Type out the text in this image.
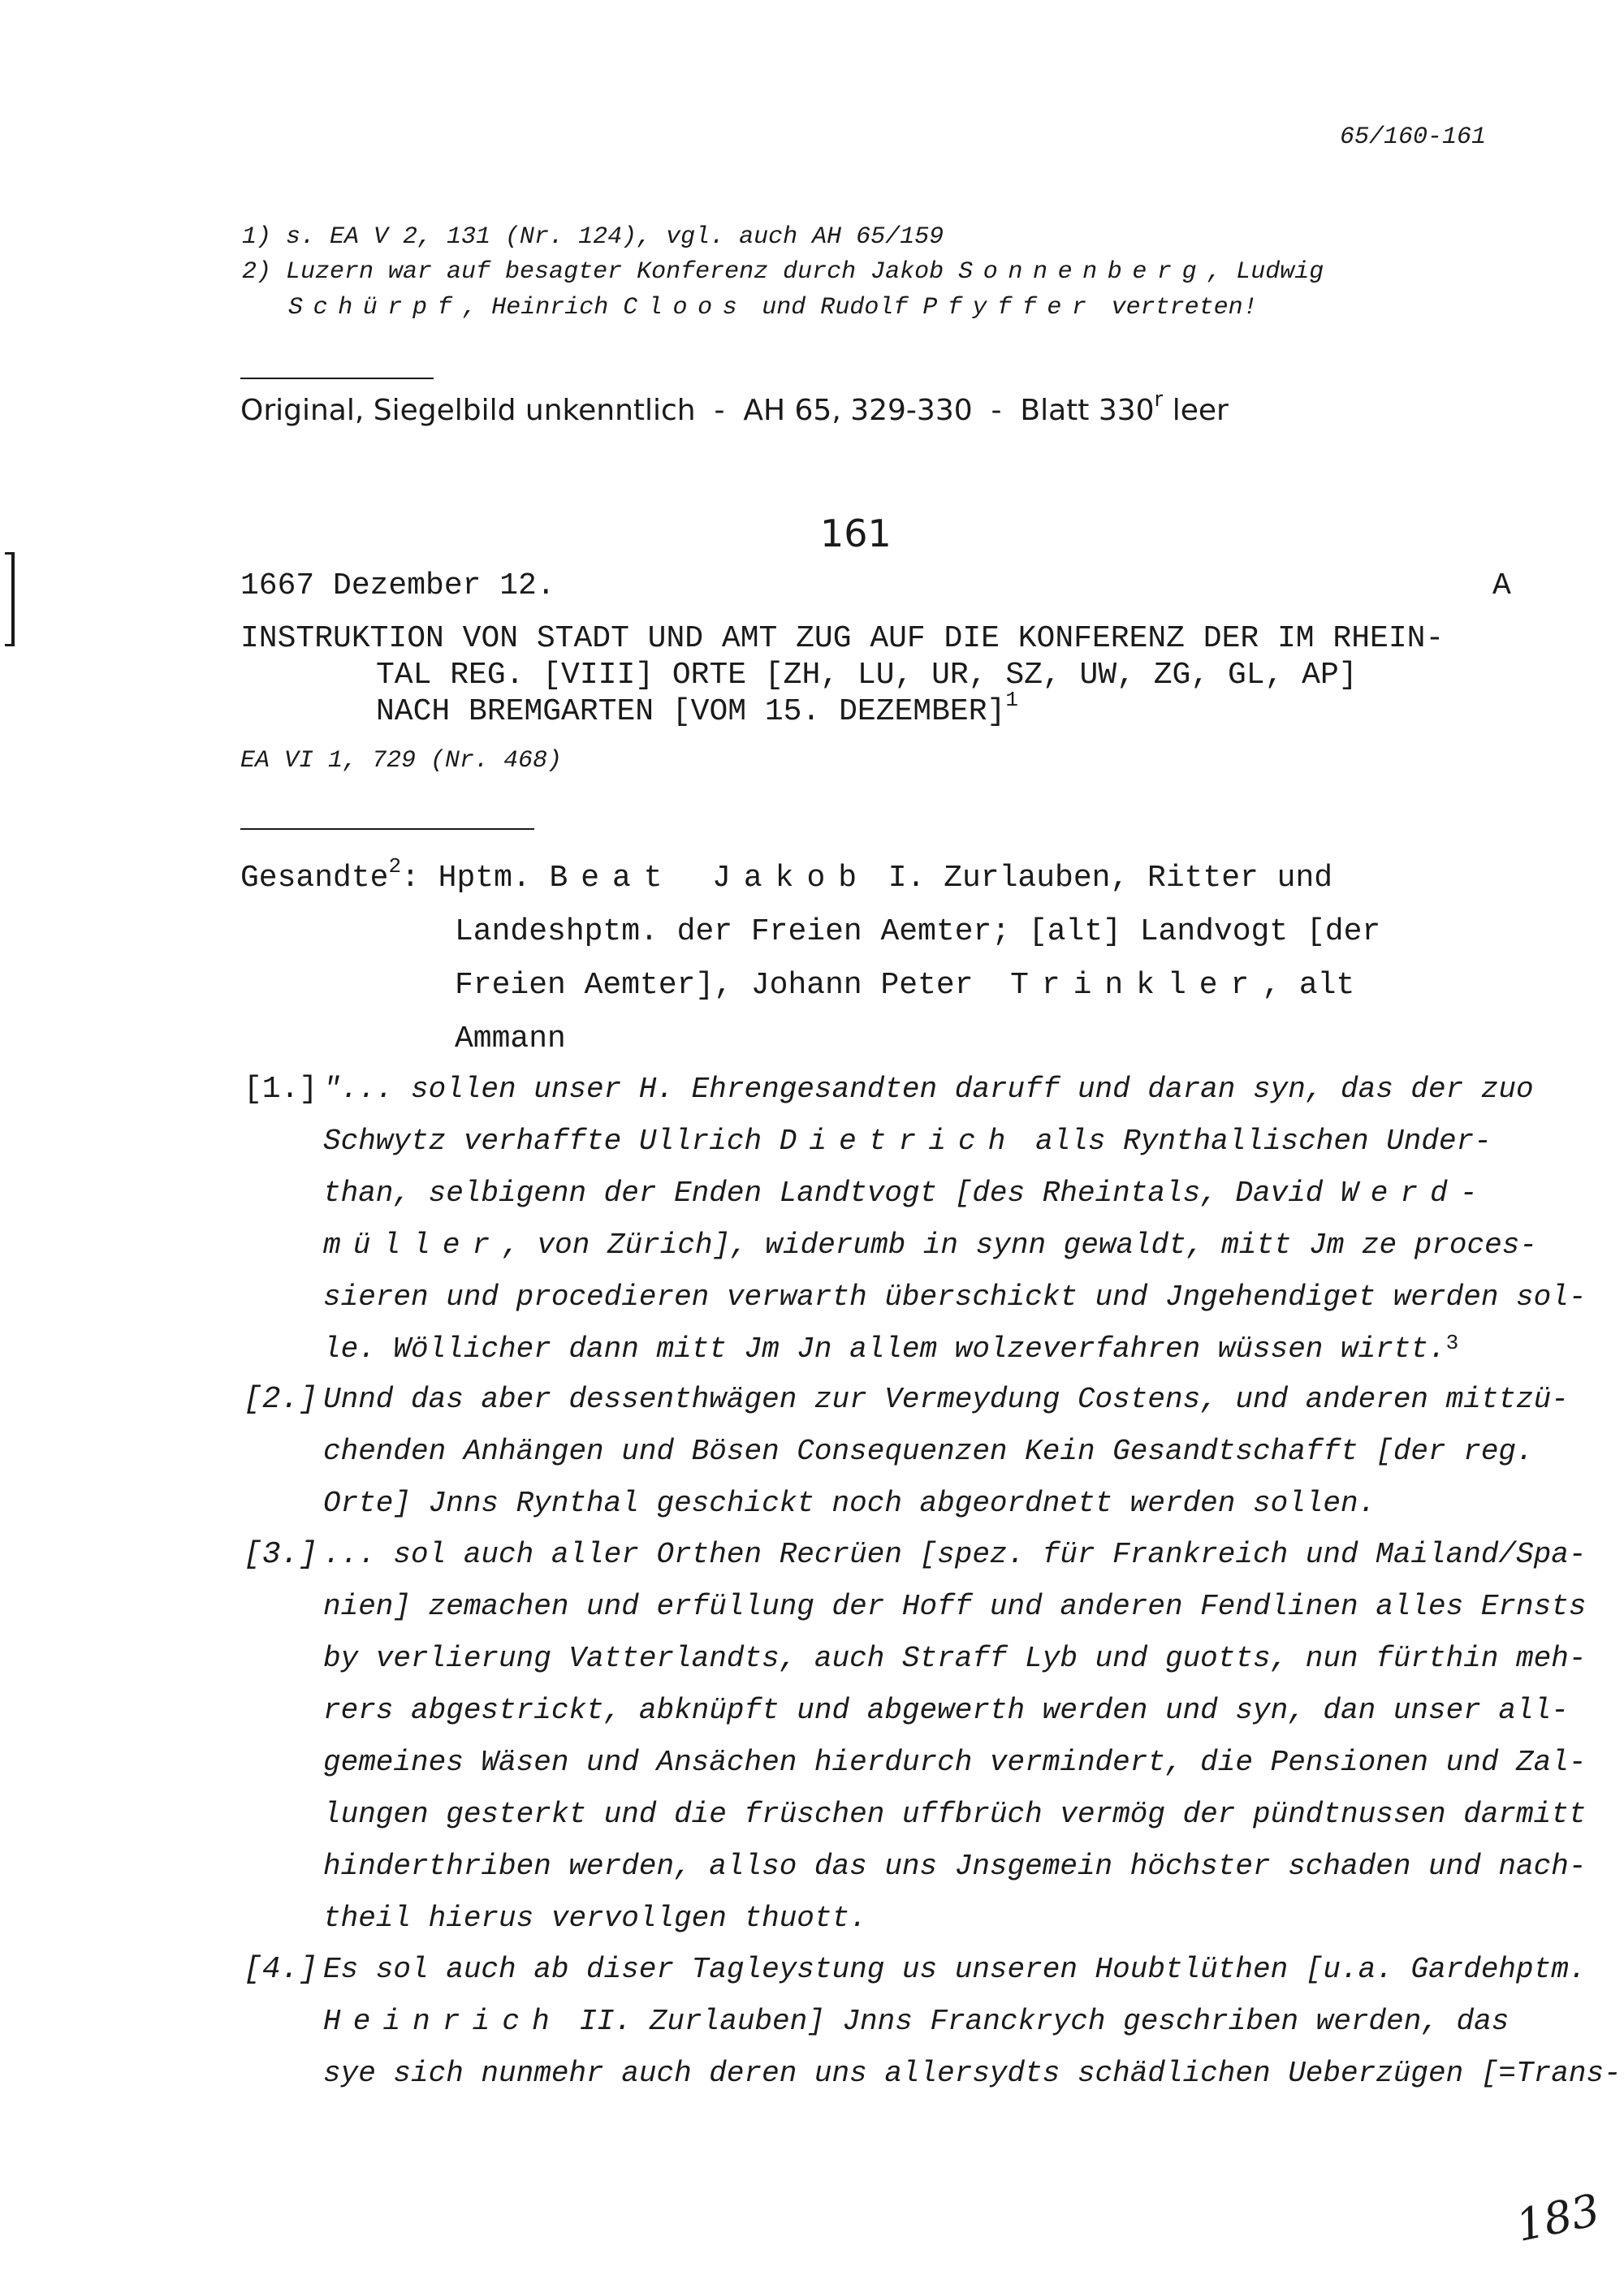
65/160-161
1) s. EA V 2, 131 (Nr. 124), vgl. auch AH 65/159
2) Luzern war auf besagter Konferenz durch Jakob Sonnenberg, Ludwig
Schürpf, Heinrich Cloos und Rudolf Pfyffer vertreten!
Original, Siegelbild unkenntlich  -  AH 65, 329-330  -  Blatt 330$^r$ leer
161
1667 Dezember 12.	A
INSTRUKTION VON STADT UND AMT ZUG AUF DIE KONFERENZ DER IM RHEIN-
TAL REG. [VIII] ORTE [ZH, LU, UR, SZ, UW, ZG, GL, AP]
NACH BREMGARTEN [VOM 15. DEZEMBER]$^1$
EA VI 1, 729 (Nr. 468)
Gesandte$^2$: Hptm. Beat Jakob I. Zurlauben, Ritter und
Landeshptm. der Freien Aemter; [alt] Landvogt [der
Freien Aemter], Johann Peter  Trinkler, alt
Ammann
[1.] "... sollen unser H. Ehrengesandten daruff und daran syn, das der zuo
Schwytz verhaffte Ullrich Dietrich alls Rynthallischen Under-
than, selbigenn der Enden Landtvogt [des Rheintals, David Werd-
müller, von Zürich], widerumb in synn gewaldt, mitt Jm ze proces-
sieren und procedieren verwarth überschickt und Jngehendiget werden sol-
le. Wöllicher dann mitt Jm Jn allem wolzeverfahren wüssen wirtt.$^3$
[2.] Unnd das aber dessenthwägen zur Vermeydung Costens, und anderen mittzü-
chenden Anhängen und Bösen Consequenzen Kein Gesandtschafft [der reg.
Orte] Jnns Rynthal geschickt noch abgeordnett werden sollen.
[3.] ... sol auch aller Orthen Recrüen [spez. für Frankreich und Mailand/Spa-
nien] zemachen und erfüllung der Hoff und anderen Fendlinen alles Ernsts
by verlierung Vatterlandts, auch Straff Lyb und guotts, nun fürthin meh-
rers abgestrickt, abknüpft und abgewerth werden und syn, dan unser all-
gemeines Wäsen und Ansächen hierdurch vermindert, die Pensionen und Zal-
lungen gesterkt und die früschen uffbrüch vermög der pündtnussen darmitt
hinderthriben werden, allso das uns Jnsgemein höchster schaden und nach-
theil hierus vervollgen thuott.
[4.] Es sol auch ab diser Tagleystung us unseren Houbtlüthen [u.a. Gardehptm.
Heinrich II. Zurlauben] Jnns Franckrych geschriben werden, das
sye sich nunmehr auch deren uns allersydts schädlichen Ueberzügen [=Trans-
183
